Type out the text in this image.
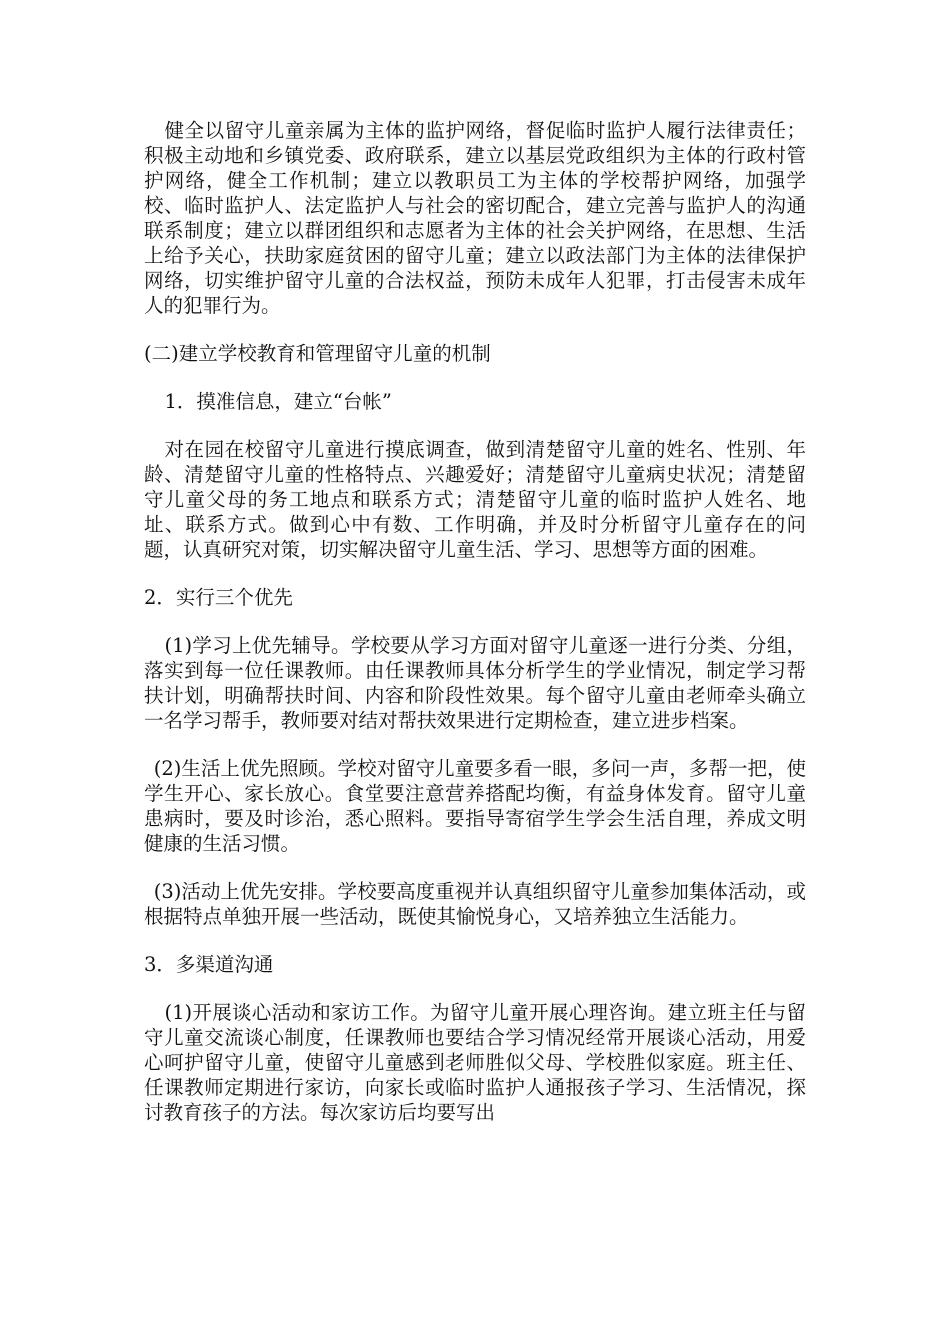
健全以留守儿童亲属为主体的监护网络，督促临时监护人履行法律责任；积极主动地和乡镇党委、政府联系，建立以基层党政组织为主体的行政村管护网络，健全工作机制；建立以教职员工为主体的学校帮护网络，加强学校、临时监护人、法定监护人与社会的密切配合，建立完善与监护人的沟通联系制度；建立以群团组织和志愿者为主体的社会关护网络，在思想、生活上给予关心，扶助家庭贫困的留守儿童；建立以政法部门为主体的法律保护网络，切实维护留守儿童的合法权益，预防未成年人犯罪，打击侵害未成年人的犯罪行为。

(二)建立学校教育和管理留守儿童的机制

1．摸准信息，建立“台帐”

对在园在校留守儿童进行摸底调查，做到清楚留守儿童的姓名、性别、年龄、清楚留守儿童的性格特点、兴趣爱好；清楚留守儿童病史状况；清楚留守儿童父母的务工地点和联系方式；清楚留守儿童的临时监护人姓名、地址、联系方式。做到心中有数、工作明确，并及时分析留守儿童存在的问题，认真研究对策，切实解决留守儿童生活、学习、思想等方面的困难。

2．实行三个优先

(1)学习上优先辅导。学校要从学习方面对留守儿童逐一进行分类、分组，落实到每一位任课教师。由任课教师具体分析学生的学业情况，制定学习帮扶计划，明确帮扶时间、内容和阶段性效果。每个留守儿童由老师牵头确立一名学习帮手，教师要对结对帮扶效果进行定期检查，建立进步档案。

(2)生活上优先照顾。学校对留守儿童要多看一眼，多问一声，多帮一把，使学生开心、家长放心。食堂要注意营养搭配均衡，有益身体发育。留守儿童患病时，要及时诊治，悉心照料。要指导寄宿学生学会生活自理，养成文明健康的生活习惯。

(3)活动上优先安排。学校要高度重视并认真组织留守儿童参加集体活动，或根据特点单独开展一些活动，既使其愉悦身心，又培养独立生活能力。

3．多渠道沟通

(1)开展谈心活动和家访工作。为留守儿童开展心理咨询。建立班主任与留守儿童交流谈心制度，任课教师也要结合学习情况经常开展谈心活动，用爱心呵护留守儿童，使留守儿童感到老师胜似父母、学校胜似家庭。班主任、任课教师定期进行家访，向家长或临时监护人通报孩子学习、生活情况，探讨教育孩子的方法。每次家访后均要写出
